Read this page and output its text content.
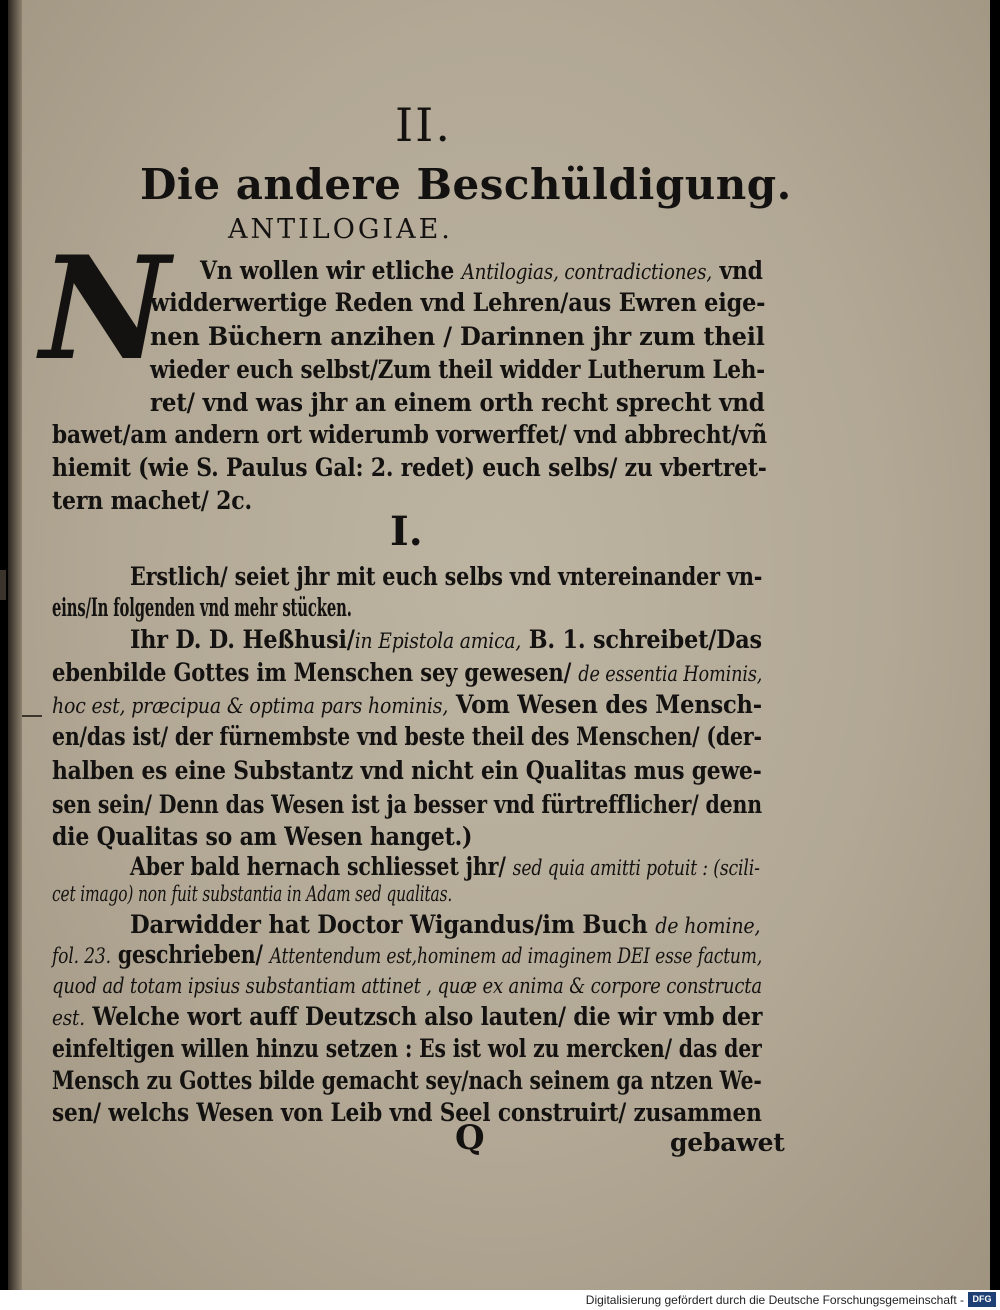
II.
Die andere Beschüldigung.
ANTILOGIAE.
N Vn wollen wir etliche Antilogias, contradictiones, vnd
widderwertige Reden vnd Lehren/aus Ewren eige-
nen Büchern anzihen / Darinnen jhr zum theil
wieder euch selbst/Zum theil widder Lutherum Leh-
ret/ vnd was jhr an einem orth recht sprecht vnd
bawet/am andern ort widerumb vorwerffet/ vnd abbrecht/vñ
hiemit (wie S. Paulus Gal: 2. redet) euch selbs/ zu vbertret-
tern machet/ 2c.
I.
Erstlich/ seiet jhr mit euch selbs vnd vntereinander vn-
eins/In folgenden vnd mehr stücken.
Ihr D. D. Heßhusi/in Epistola amica, B. 1. schreibet/Das
ebenbilde Gottes im Menschen sey gewesen/ de essentia Hominis,
hoc est, præcipua & optima pars hominis, Vom Wesen des Mensch-
en/das ist/ der fürnembste vnd beste theil des Menschen/ (der-
halben es eine Substantz vnd nicht ein Qualitas mus gewe-
sen sein/ Denn das Wesen ist ja besser vnd fürtrefflicher/ denn
die Qualitas so am Wesen hanget.)
Aber bald hernach schliesset jhr/ sed quia amitti potuit : (scili-
cet imago) non fuit substantia in Adam sed qualitas.
Darwidder hat Doctor Wigandus/im Buch de homine,
fol. 23. geschrieben/ Attentendum est,hominem ad imaginem DEI esse factum,
quod ad totam ipsius substantiam attinet , quæ ex anima & corpore constructa
est. Welche wort auff Deutzsch also lauten/ die wir vmb der
einfeltigen willen hinzu setzen : Es ist wol zu mercken/ das der
Mensch zu Gottes bilde gemacht sey/nach seinem ga ntzen We-
sen/ welchs Wesen von Leib vnd Seel construirt/ zusammen
Q	gebawet
Digitalisierung gefördert durch die Deutsche Forschungsgemeinschaft - DFG
